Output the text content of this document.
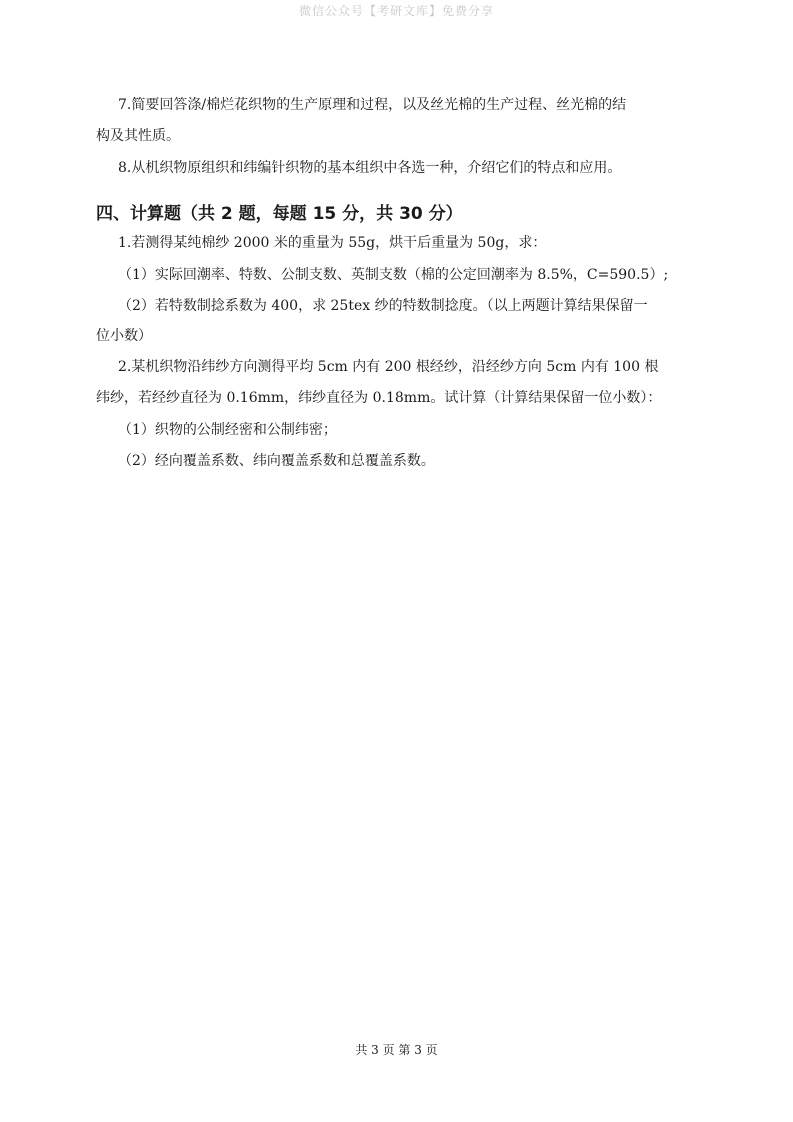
微信公众号【考研文库】免费分享
7.简要回答涤/棉烂花织物的生产原理和过程，以及丝光棉的生产过程、丝光棉的结
构及其性质。
8.从机织物原组织和纬编针织物的基本组织中各选一种，介绍它们的特点和应用。
四、计算题（共 2 题，每题 15 分，共 30 分）
1.若测得某纯棉纱 2000 米的重量为 55g，烘干后重量为 50g，求：
（1）实际回潮率、特数、公制支数、英制支数（棉的公定回潮率为 8.5%，C=590.5）;
（2）若特数制捻系数为 400，求 25tex 纱的特数制捻度。（以上两题计算结果保留一
位小数）
2.某机织物沿纬纱方向测得平均 5cm 内有 200 根经纱，沿经纱方向 5cm 内有 100 根
纬纱，若经纱直径为 0.16mm，纬纱直径为 0.18mm。试计算（计算结果保留一位小数）：
（1）织物的公制经密和公制纬密；
（2）经向覆盖系数、纬向覆盖系数和总覆盖系数。
共 3 页 第 3 页
